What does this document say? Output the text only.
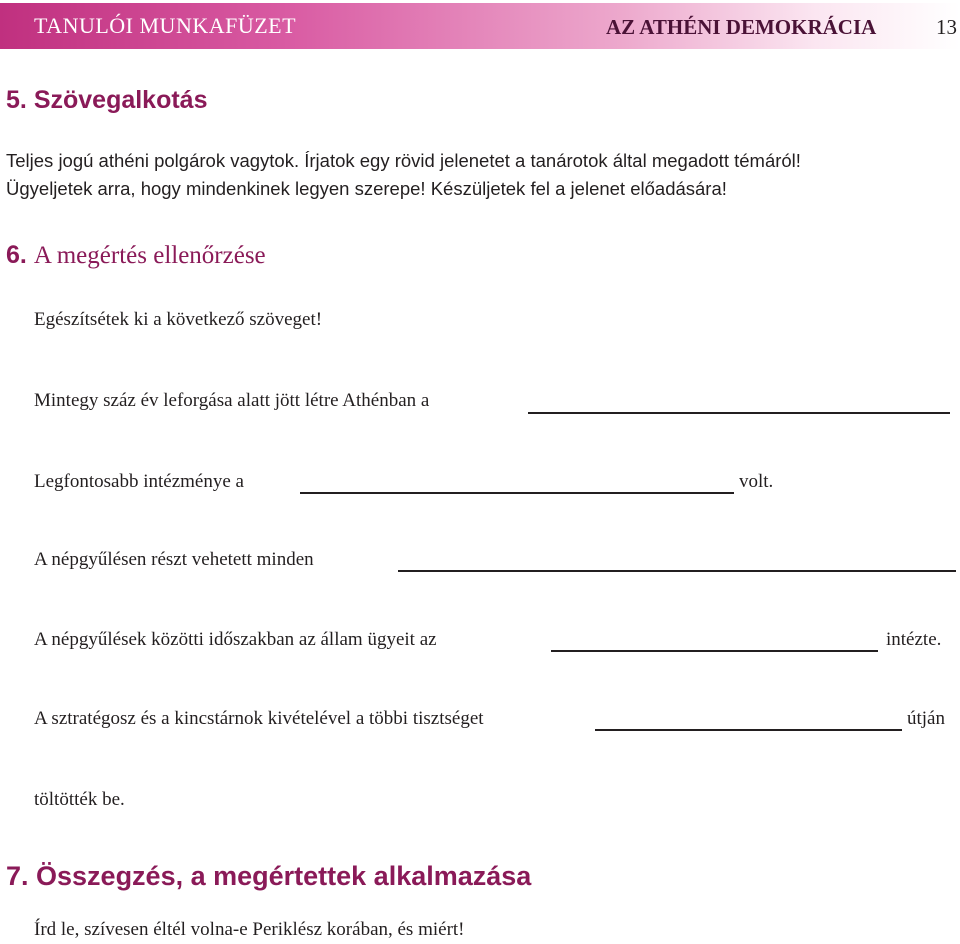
TANULÓI MUNKAFÜZET	AZ ATHÉNI DEMOKRÁCIA	13
5. Szövegalkotás
Teljes jogú athéni polgárok vagytok. Írjatok egy rövid jelenetet a tanárotok által megadott témáról!
Ügyeljetek arra, hogy mindenkinek legyen szerepe! Készüljetek fel a jelenet előadására!
6. A megértés ellenőrzése
Egészítsétek ki a következő szöveget!
Mintegy száz év leforgása alatt jött létre Athénban a
Legfontosabb intézménye a	volt.
A népgyűlésen részt vehetett minden
A népgyűlések közötti időszakban az állam ügyeit az	intézte.
A sztratégosz és a kincstárnok kivételével a többi tisztséget	útján
töltötték be.
7. Összegzés, a megértettek alkalmazása
Írd le, szívesen éltél volna-e Periklész korában, és miért!
